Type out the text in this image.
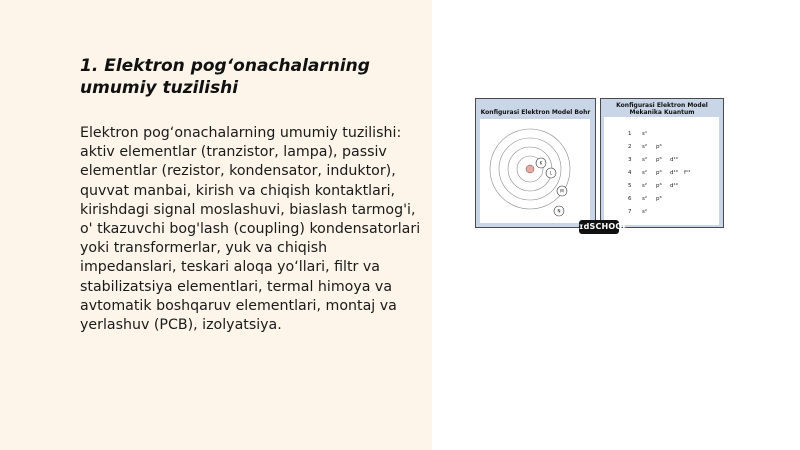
1. Elektron pog‘onachalarning umumiy tuzilishi

Elektron pog‘onachalarning umumiy tuzilishi: aktiv elementlar (tranzistor, lampa), passiv elementlar (rezistor, kondensator, induktor), quvvat manbai, kirish va chiqish kontaktlari, kirishdagi signal moslashuvi, biaslash tarmog'i, o' tkazuvchi bog'lash (coupling) kondensatorlari yoki transformerlar, yuk va chiqish impedanslari, teskari aloqa yo‘llari, filtr va stabilizatsiya elementlari, termal himoya va avtomatik boshqaruv elementlari, montaj va yerlashuv (PCB), izolyatsiya.

Konfigurasi Elektron Model Bohr
K
L
M
N
Konfigurasi Elektron Model Mekanika Kuantum
1 s¹
2 s² p⁶
3 s² p⁶ d¹⁰
4 s² p⁶ d¹⁰ f¹⁴
5 s² p⁶ d¹⁰
6 s² p⁶
7 s²
ɪdSCHOOL
